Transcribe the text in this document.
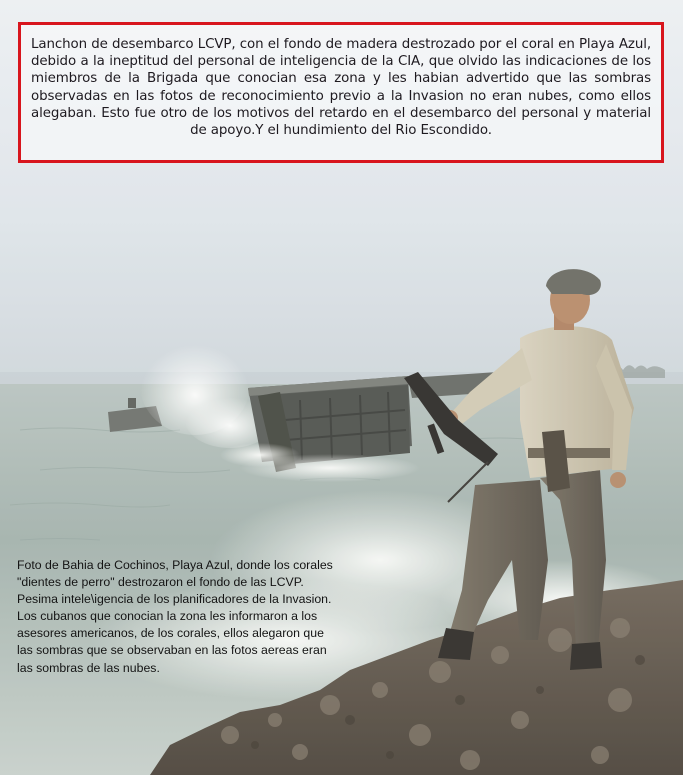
Lanchon de desembarco LCVP, con el fondo de madera destrozado por el coral en Playa Azul, debido a la ineptitud del personal de inteligencia de la CIA, que olvido las indicaciones de los miembros de la Brigada que conocian esa zona y les habian advertido que las sombras observadas en las fotos de reconocimiento previo a la Invasion no eran nubes, como ellos alegaban. Esto fue otro de los motivos del retardo en el desembarco del personal y material de apoyo.Y el hundimiento del Rio Escondido.

Foto de Bahia de Cochinos, Playa Azul, donde los corales "dientes de perro" destrozaron el fondo de las LCVP. Pesima intele\igencia de los planificadores de la Invasion. Los cubanos que conocian la zona les informaron a los asesores americanos, de los corales, ellos alegaron que las sombras que se observaban en las fotos aereas eran las sombras de las nubes.
